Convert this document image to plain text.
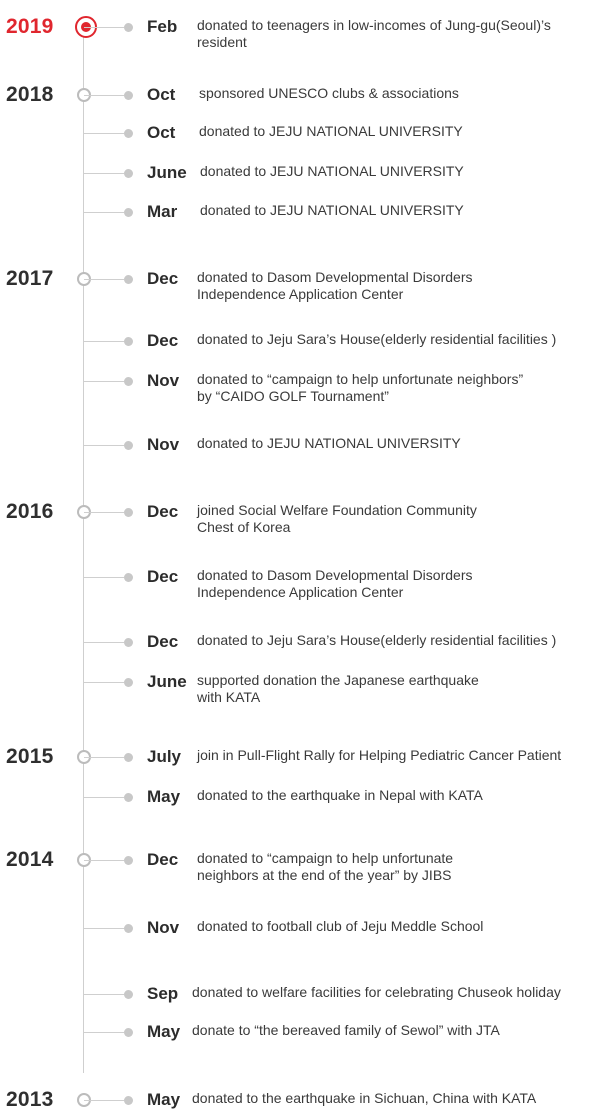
2019	Feb donated to teenagers in low-incomes of Jung-gu(Seoul)’s
resident
2018	Oct sponsored UNESCO clubs & associations
Oct donated to JEJU NATIONAL UNIVERSITY
June donated to JEJU NATIONAL UNIVERSITY
Mar donated to JEJU NATIONAL UNIVERSITY
2017	Dec donated to Dasom Developmental Disorders
Independence Application Center
Dec donated to Jeju Sara’s House(elderly residential facilities )
Nov donated to “campaign to help unfortunate neighbors”
by “CAIDO GOLF Tournament”
Nov donated to JEJU NATIONAL UNIVERSITY
2016	Dec joined Social Welfare Foundation Community
Chest of Korea
Dec donated to Dasom Developmental Disorders
Independence Application Center
Dec donated to Jeju Sara’s House(elderly residential facilities )
June supported donation the Japanese earthquake
with KATA
2015	July join in Pull-Flight Rally for Helping Pediatric Cancer Patient
May donated to the earthquake in Nepal with KATA
2014	Dec donated to “campaign to help unfortunate
neighbors at the end of the year” by JIBS
Nov donated to football club of Jeju Meddle School
Sep donated to welfare facilities for celebrating Chuseok holiday
May donate to “the bereaved family of Sewol” with JTA
2013	May donated to the earthquake in Sichuan, China with KATA
